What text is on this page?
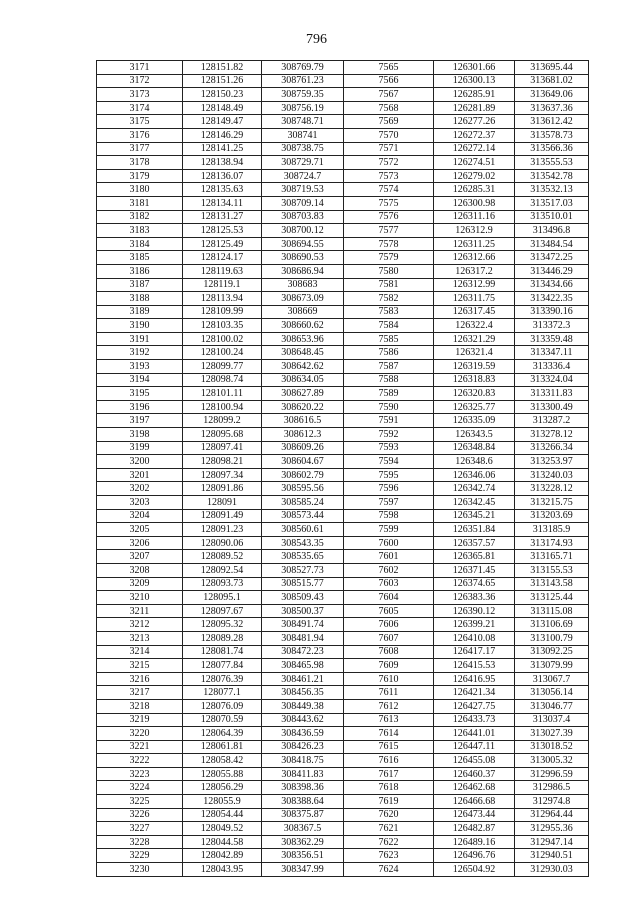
796
3171	128151.82	308769.79	7565	126301.66	313695.44
3172	128151.26	308761.23	7566	126300.13	313681.02
3173	128150.23	308759.35	7567	126285.91	313649.06
3174	128148.49	308756.19	7568	126281.89	313637.36
3175	128149.47	308748.71	7569	126277.26	313612.42
3176	128146.29	308741	7570	126272.37	313578.73
3177	128141.25	308738.75	7571	126272.14	313566.36
3178	128138.94	308729.71	7572	126274.51	313555.53
3179	128136.07	308724.7	7573	126279.02	313542.78
3180	128135.63	308719.53	7574	126285.31	313532.13
3181	128134.11	308709.14	7575	126300.98	313517.03
3182	128131.27	308703.83	7576	126311.16	313510.01
3183	128125.53	308700.12	7577	126312.9	313496.8
3184	128125.49	308694.55	7578	126311.25	313484.54
3185	128124.17	308690.53	7579	126312.66	313472.25
3186	128119.63	308686.94	7580	126317.2	313446.29
3187	128119.1	308683	7581	126312.99	313434.66
3188	128113.94	308673.09	7582	126311.75	313422.35
3189	128109.99	308669	7583	126317.45	313390.16
3190	128103.35	308660.62	7584	126322.4	313372.3
3191	128100.02	308653.96	7585	126321.29	313359.48
3192	128100.24	308648.45	7586	126321.4	313347.11
3193	128099.77	308642.62	7587	126319.59	313336.4
3194	128098.74	308634.05	7588	126318.83	313324.04
3195	128101.11	308627.89	7589	126320.83	313311.83
3196	128100.94	308620.22	7590	126325.77	313300.49
3197	128099.2	308616.5	7591	126335.09	313287.2
3198	128095.68	308612.3	7592	126343.5	313278.12
3199	128097.41	308609.26	7593	126348.84	313266.34
3200	128098.21	308604.67	7594	126348.6	313253.97
3201	128097.34	308602.79	7595	126346.06	313240.03
3202	128091.86	308595.56	7596	126342.74	313228.12
3203	128091	308585.24	7597	126342.45	313215.75
3204	128091.49	308573.44	7598	126345.21	313203.69
3205	128091.23	308560.61	7599	126351.84	313185.9
3206	128090.06	308543.35	7600	126357.57	313174.93
3207	128089.52	308535.65	7601	126365.81	313165.71
3208	128092.54	308527.73	7602	126371.45	313155.53
3209	128093.73	308515.77	7603	126374.65	313143.58
3210	128095.1	308509.43	7604	126383.36	313125.44
3211	128097.67	308500.37	7605	126390.12	313115.08
3212	128095.32	308491.74	7606	126399.21	313106.69
3213	128089.28	308481.94	7607	126410.08	313100.79
3214	128081.74	308472.23	7608	126417.17	313092.25
3215	128077.84	308465.98	7609	126415.53	313079.99
3216	128076.39	308461.21	7610	126416.95	313067.7
3217	128077.1	308456.35	7611	126421.34	313056.14
3218	128076.09	308449.38	7612	126427.75	313046.77
3219	128070.59	308443.62	7613	126433.73	313037.4
3220	128064.39	308436.59	7614	126441.01	313027.39
3221	128061.81	308426.23	7615	126447.11	313018.52
3222	128058.42	308418.75	7616	126455.08	313005.32
3223	128055.88	308411.83	7617	126460.37	312996.59
3224	128056.29	308398.36	7618	126462.68	312986.5
3225	128055.9	308388.64	7619	126466.68	312974.8
3226	128054.44	308375.87	7620	126473.44	312964.44
3227	128049.52	308367.5	7621	126482.87	312955.36
3228	128044.58	308362.29	7622	126489.16	312947.14
3229	128042.89	308356.51	7623	126496.76	312940.51
3230	128043.95	308347.99	7624	126504.92	312930.03
